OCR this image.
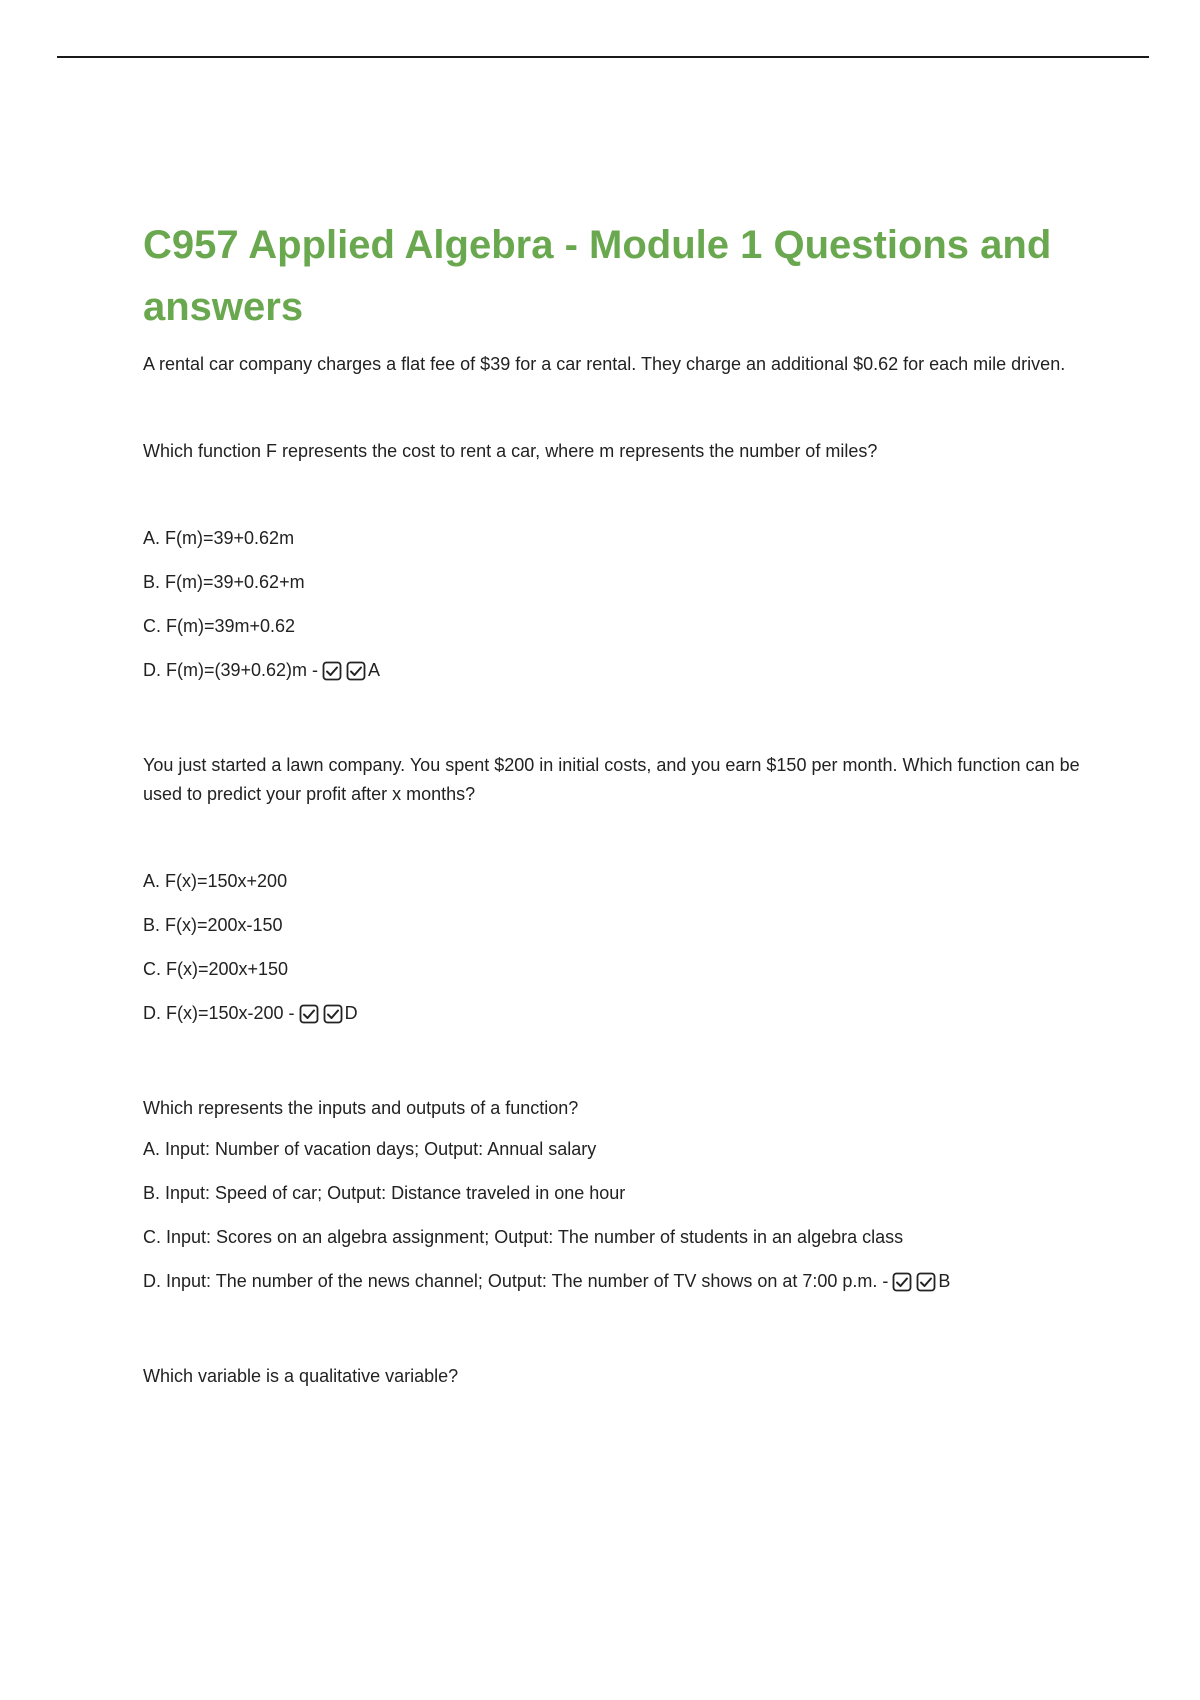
C957 Applied Algebra - Module 1 Questions and answers

A rental car company charges a flat fee of $39 for a car rental. They charge an additional $0.62 for each mile driven.

Which function F represents the cost to rent a car, where m represents the number of miles?

A. F(m)=39+0.62m

B. F(m)=39+0.62+m

C. F(m)=39m+0.62

D. F(m)=(39+0.62)m -	A

You just started a lawn company. You spent $200 in initial costs, and you earn $150 per month. Which function can be used to predict your profit after x months?

A. F(x)=150x+200

B. F(x)=200x-150

C. F(x)=200x+150

D. F(x)=150x-200 -	D

Which represents the inputs and outputs of a function?

A. Input: Number of vacation days; Output: Annual salary

B. Input: Speed of car; Output: Distance traveled in one hour

C. Input: Scores on an algebra assignment; Output: The number of students in an algebra class

D. Input: The number of the news channel; Output: The number of TV shows on at 7:00 p.m. -	B

Which variable is a qualitative variable?
